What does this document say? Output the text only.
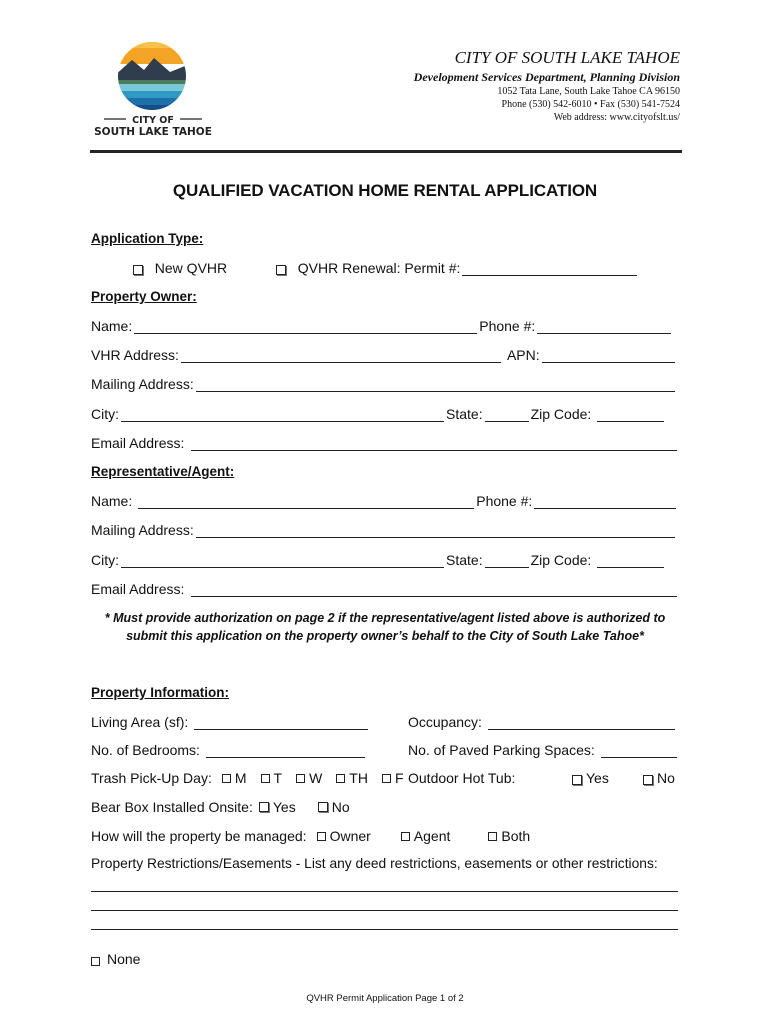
CITY OF
SOUTH LAKE TAHOE
CITY OF SOUTH LAKE TAHOE
Development Services Department, Planning Division
1052 Tata Lane, South Lake Tahoe CA 96150
Phone (530) 542-6010 • Fax (530) 541-7524
Web address: www.cityofslt.us/
QUALIFIED VACATION HOME RENTAL APPLICATION
Application Type:

New QVHR
	QVHR Renewal: Permit #:
Property Owner:
Name:	Phone #:
VHR Address:	APN:
Mailing Address:
City:	State:	Zip Code:
Email Address:
Representative/Agent:
Name:	Phone #:
Mailing Address:
City:	State:	Zip Code:
Email Address:
* Must provide authorization on page 2 if the representative/agent listed above is authorized to
submit this application on the property owner’s behalf to the City of South Lake Tahoe*
Property Information:
Living Area (sf):	Occupancy:
No. of Bedrooms:	No. of Paved Parking Spaces:
Trash Pick-Up Day:	M	T	W	TH	F Outdoor Hot Tub:	Yes	No
Bear Box Installed Onsite:	Yes	No
How will the property be managed:	Owner	Agent	Both
Property Restrictions/Easements - List any deed restrictions, easements or other restrictions:
None
QVHR Permit Application Page 1 of 2
